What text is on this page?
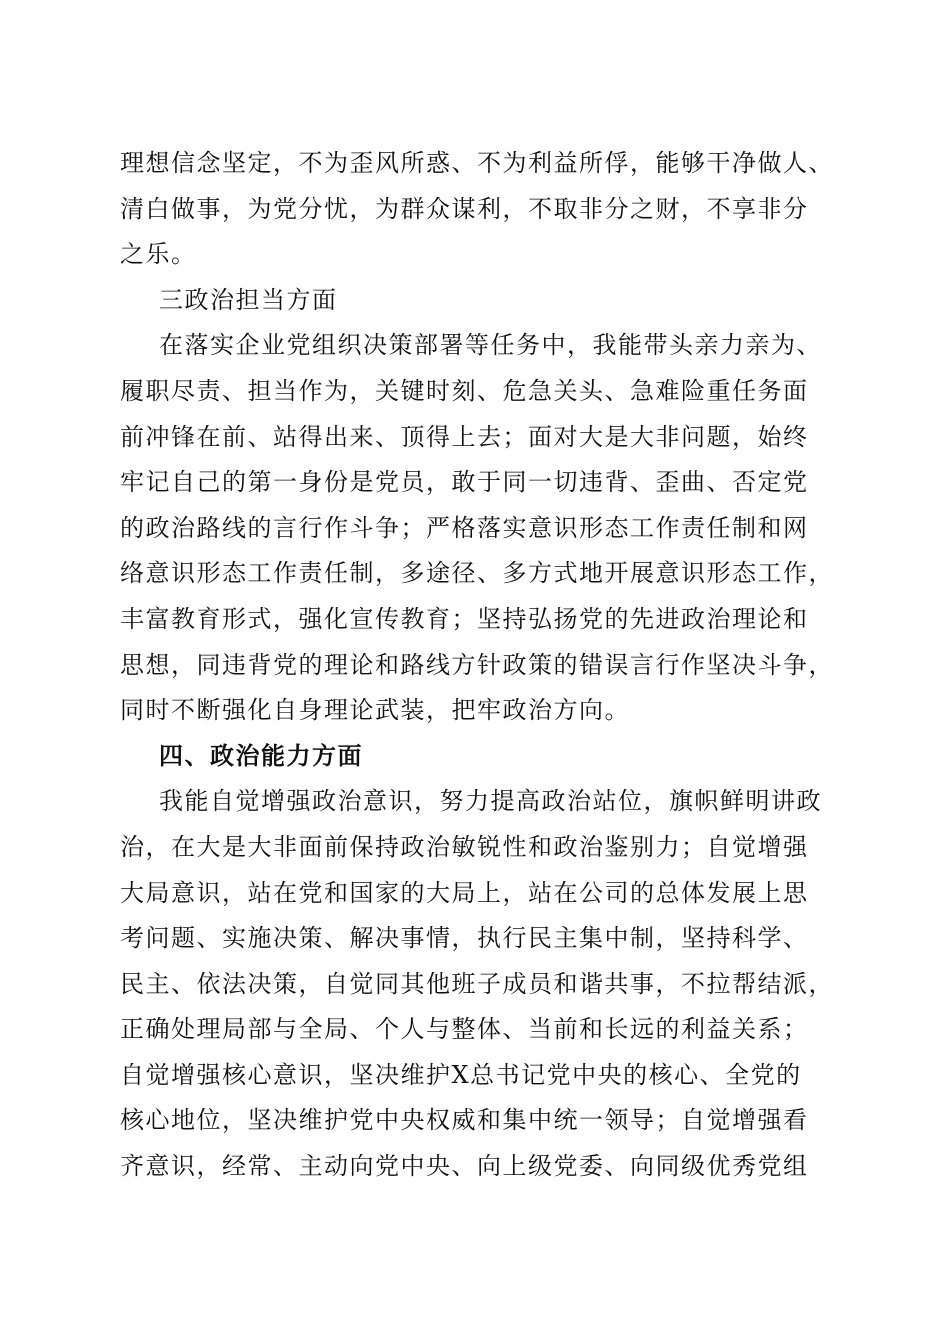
理想信念坚定，不为歪风所惑、不为利益所俘，能够干净做人、
清白做事，为党分忧，为群众谋利，不取非分之财，不享非分
之乐。
三政治担当方面
在落实企业党组织决策部署等任务中，我能带头亲力亲为、
履职尽责、担当作为，关键时刻、危急关头、急难险重任务面
前冲锋在前、站得出来、顶得上去；面对大是大非问题，始终
牢记自己的第一身份是党员，敢于同一切违背、歪曲、否定党
的政治路线的言行作斗争；严格落实意识形态工作责任制和网
络意识形态工作责任制，多途径、多方式地开展意识形态工作，
丰富教育形式，强化宣传教育；坚持弘扬党的先进政治理论和
思想，同违背党的理论和路线方针政策的错误言行作坚决斗争，
同时不断强化自身理论武装，把牢政治方向。
四、政治能力方面
我能自觉增强政治意识，努力提高政治站位，旗帜鲜明讲政
治，在大是大非面前保持政治敏锐性和政治鉴别力；自觉增强
大局意识，站在党和国家的大局上，站在公司的总体发展上思
考问题、实施决策、解决事情，执行民主集中制，坚持科学、
民主、依法决策，自觉同其他班子成员和谐共事，不拉帮结派，
正确处理局部与全局、个人与整体、当前和长远的利益关系；
自觉增强核心意识，坚决维护X总书记党中央的核心、全党的
核心地位，坚决维护党中央权威和集中统一领导；自觉增强看
齐意识，经常、主动向党中央、向上级党委、向同级优秀党组
